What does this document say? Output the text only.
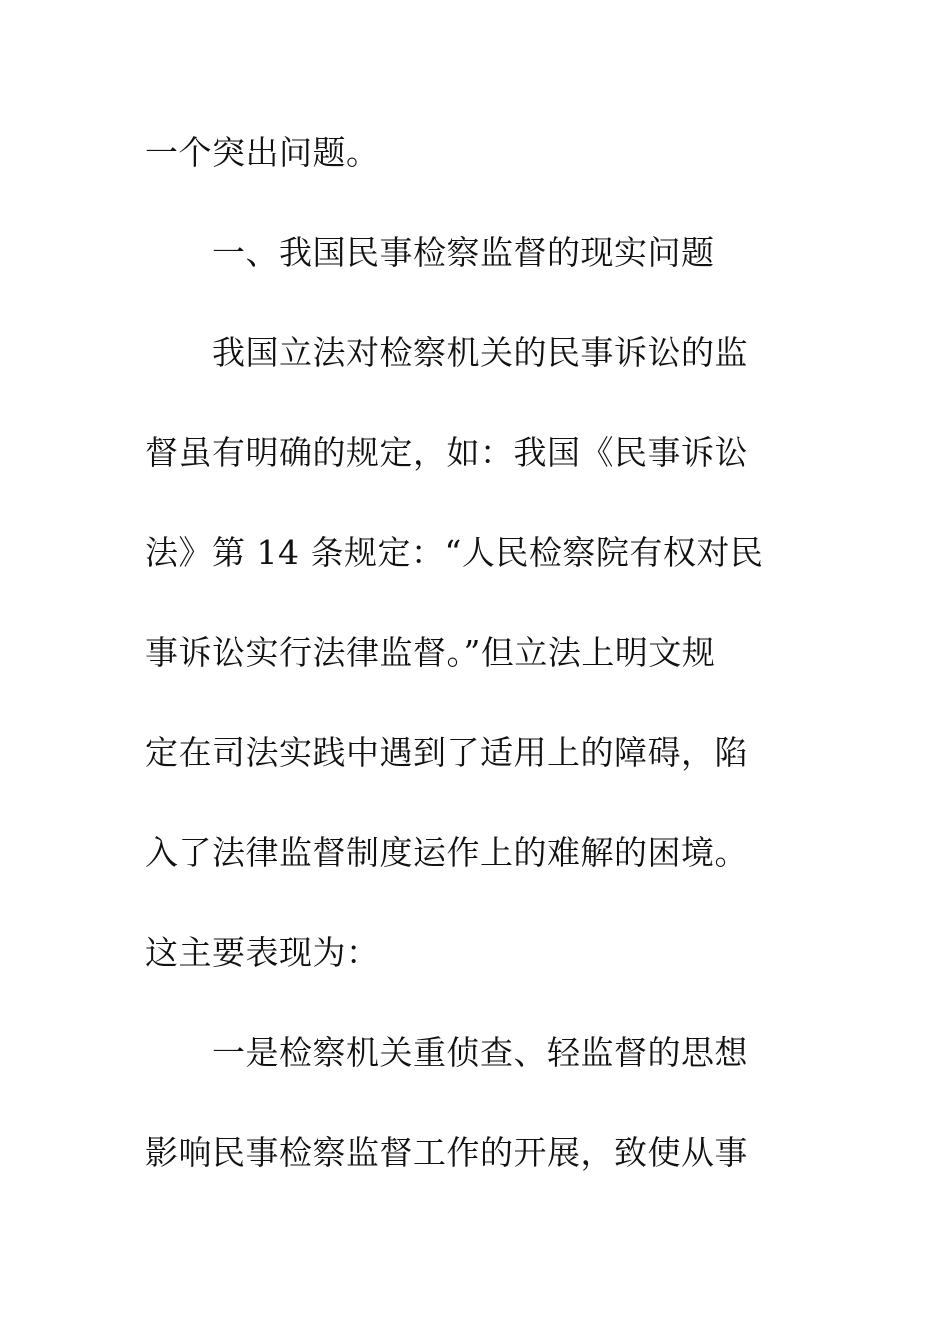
一个突出问题。
　　一、我国民事检察监督的现实问题
　　我国立法对检察机关的民事诉讼的监
督虽有明确的规定，如：我国《民事诉讼
法》第 14 条规定：“人民检察院有权对民
事诉讼实行法律监督。”但立法上明文规
定在司法实践中遇到了适用上的障碍，陷
入了法律监督制度运作上的难解的困境。
这主要表现为：
　　一是检察机关重侦查、轻监督的思想
影响民事检察监督工作的开展，致使从事
